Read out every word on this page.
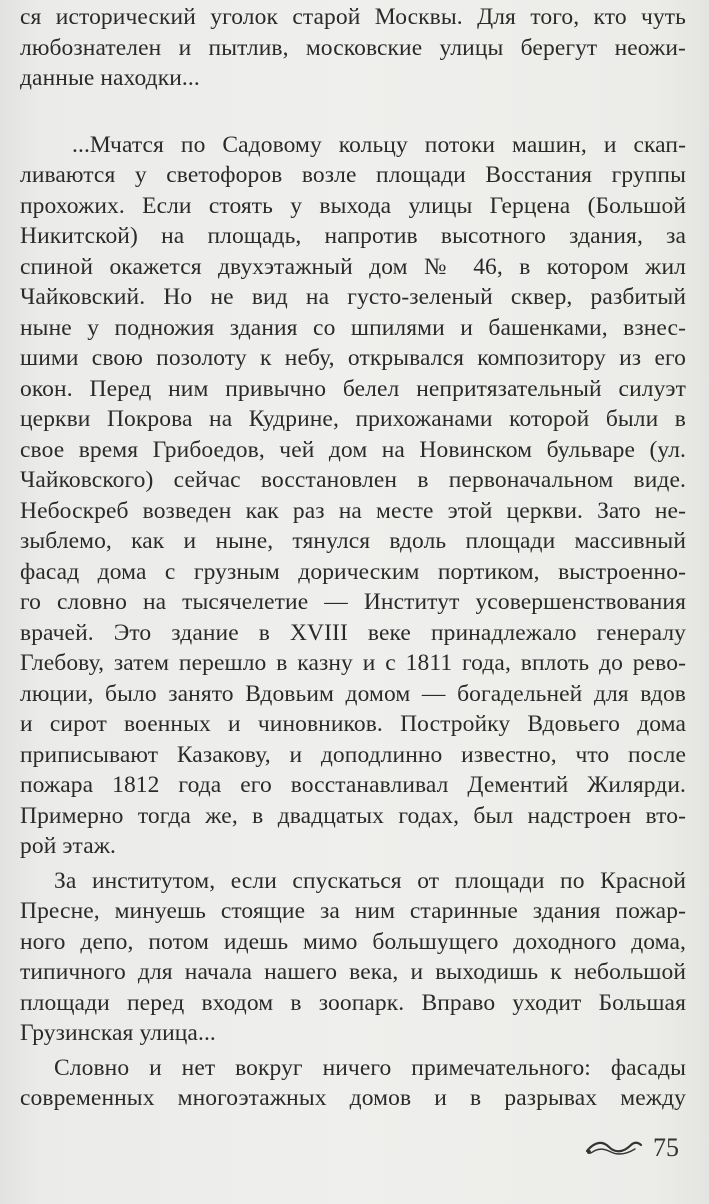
ся исторический уголок старой Москвы. Для того, кто чуть
любознателен и пытлив, московские улицы берегут неожи-
данные находки...
...Мчатся по Садовому кольцу потоки машин, и скап-
ливаются у светофоров возле площади Восстания группы
прохожих. Если стоять у выхода улицы Герцена (Большой
Никитской) на площадь, напротив высотного здания, за
спиной окажется двухэтажный дом № 46, в котором жил
Чайковский. Но не вид на густо-зеленый сквер, разбитый
ныне у подножия здания со шпилями и башенками, взнес-
шими свою позолоту к небу, открывался композитору из его
окон. Перед ним привычно белел непритязательный силуэт
церкви Покрова на Кудрине, прихожанами которой были в
свое время Грибоедов, чей дом на Новинском бульваре (ул.
Чайковского) сейчас восстановлен в первоначальном виде.
Небоскреб возведен как раз на месте этой церкви. Зато не-
зыблемо, как и ныне, тянулся вдоль площади массивный
фасад дома с грузным дорическим портиком, выстроенно-
го словно на тысячелетие — Институт усовершенствования
врачей. Это здание в XVIII веке принадлежало генералу
Глебову, затем перешло в казну и с 1811 года, вплоть до рево-
люции, было занято Вдовьим домом — богадельней для вдов
и сирот военных и чиновников. Постройку Вдовьего дома
приписывают Казакову, и доподлинно известно, что после
пожара 1812 года его восстанавливал Дементий Жилярди.
Примерно тогда же, в двадцатых годах, был надстроен вто-
рой этаж.
За институтом, если спускаться от площади по Красной
Пресне, минуешь стоящие за ним старинные здания пожар-
ного депо, потом идешь мимо большущего доходного дома,
типичного для начала нашего века, и выходишь к небольшой
площади перед входом в зоопарк. Вправо уходит Большая
Грузинская улица...
Словно и нет вокруг ничего примечательного: фасады
современных многоэтажных домов и в разрывах между
75
